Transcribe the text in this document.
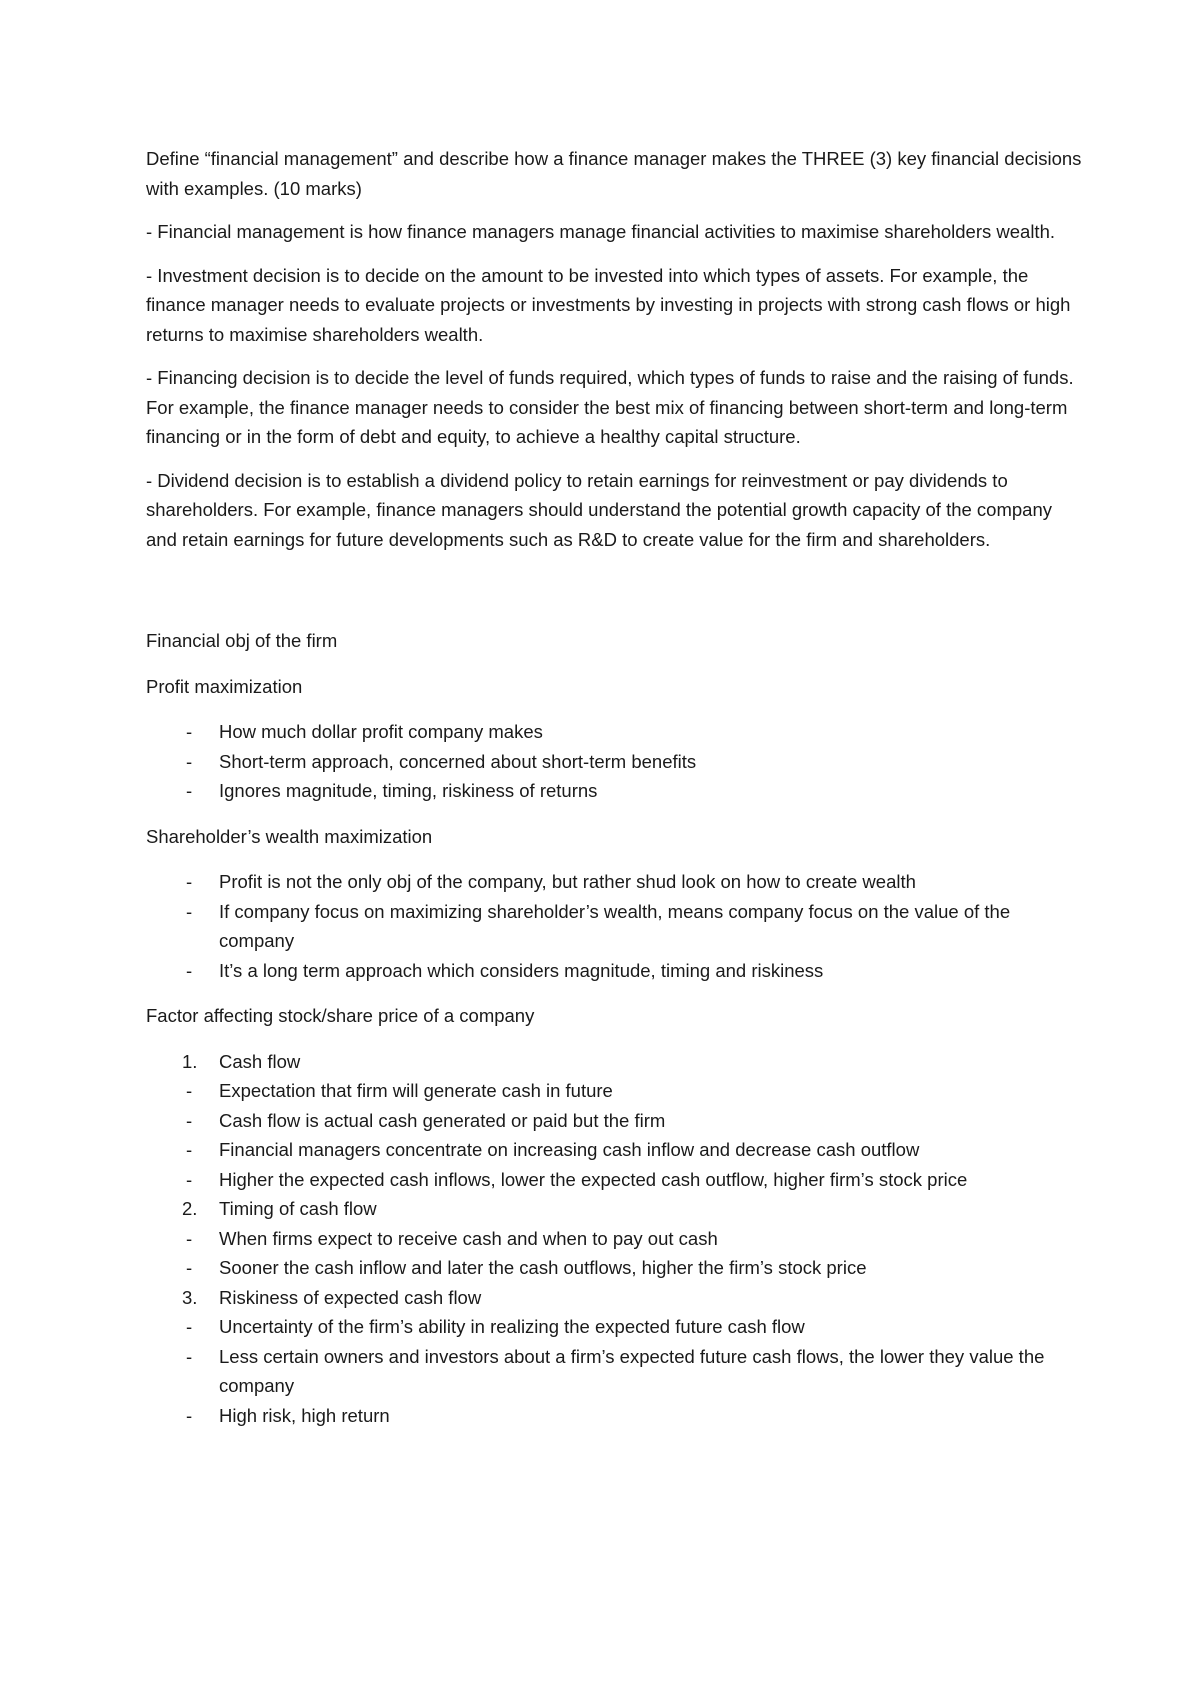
Define “financial management” and describe how a finance manager makes the THREE (3) key financial decisions with examples. (10 marks)

- Financial management is how finance managers manage financial activities to maximise shareholders wealth.

- Investment decision is to decide on the amount to be invested into which types of assets. For example, the finance manager needs to evaluate projects or investments by investing in projects with strong cash flows or high returns to maximise shareholders wealth.

- Financing decision is to decide the level of funds required, which types of funds to raise and the raising of funds. For example, the finance manager needs to consider the best mix of financing between short-term and long-term financing or in the form of debt and equity, to achieve a healthy capital structure.

- Dividend decision is to establish a dividend policy to retain earnings for reinvestment or pay dividends to shareholders. For example, finance managers should understand the potential growth capacity of the company and retain earnings for future developments such as R&D to create value for the firm and shareholders.

Financial obj of the firm

Profit maximization

-	How much dollar profit company makes
-	Short-term approach, concerned about short-term benefits
-	Ignores magnitude, timing, riskiness of returns

Shareholder’s wealth maximization

-	Profit is not the only obj of the company, but rather shud look on how to create wealth
-	If company focus on maximizing shareholder’s wealth, means company focus on the value of the company
-	It’s a long term approach which considers magnitude, timing and riskiness

Factor affecting stock/share price of a company

1.	Cash flow
-	Expectation that firm will generate cash in future
-	Cash flow is actual cash generated or paid but the firm
-	Financial managers concentrate on increasing cash inflow and decrease cash outflow
-	Higher the expected cash inflows, lower the expected cash outflow, higher firm’s stock price
2.	Timing of cash flow
-	When firms expect to receive cash and when to pay out cash
-	Sooner the cash inflow and later the cash outflows, higher the firm’s stock price
3.	Riskiness of expected cash flow
-	Uncertainty of the firm’s ability in realizing the expected future cash flow
-	Less certain owners and investors about a firm’s expected future cash flows, the lower they value the company
-	High risk, high return
